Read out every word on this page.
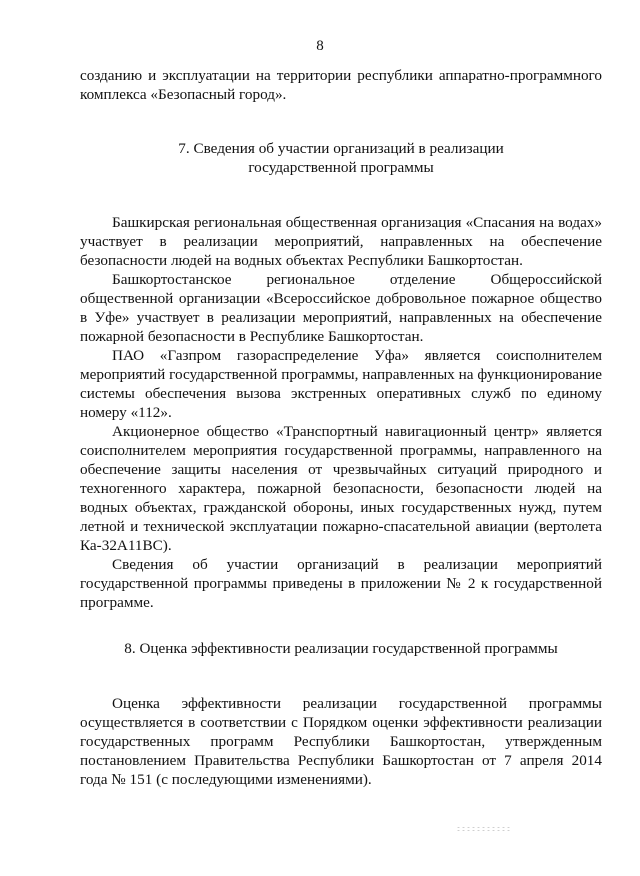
8

созданию и эксплуатации на территории республики аппаратно-программного комплекса «Безопасный город».

7. Сведения об участии организаций в реализации
государственной программы

Башкирская региональная общественная организация «Спасания на водах» участвует в реализации мероприятий, направленных на обеспечение безопасности людей на водных объектах Республики Башкортостан.

Башкортостанское региональное отделение Общероссийской общественной организации «Всероссийское добровольное пожарное общество в Уфе» участвует в реализации мероприятий, направленных на обеспечение пожарной безопасности в Республике Башкортостан.

ПАО «Газпром газораспределение Уфа» является соисполнителем мероприятий государственной программы, направленных на функционирование системы обеспечения вызова экстренных оперативных служб по единому номеру «112».

Акционерное общество «Транспортный навигационный центр» является соисполнителем мероприятия государственной программы, направленного на обеспечение защиты населения от чрезвычайных ситуаций природного и техногенного характера, пожарной безопасности, безопасности людей на водных объектах, гражданской обороны, иных государственных нужд, путем летной и технической эксплуатации пожарно-спасательной авиации (вертолета Ка-32А11ВС).

Сведения об участии организаций в реализации мероприятий государственной программы приведены в приложении № 2 к государственной программе.

8. Оценка эффективности реализации государственной программы

Оценка эффективности реализации государственной программы осуществляется в соответствии с Порядком оценки эффективности реализации государственных программ Республики Башкортостан, утвержденным постановлением Правительства Республики Башкортостан от 7 апреля 2014 года № 151 (с последующими изменениями).
